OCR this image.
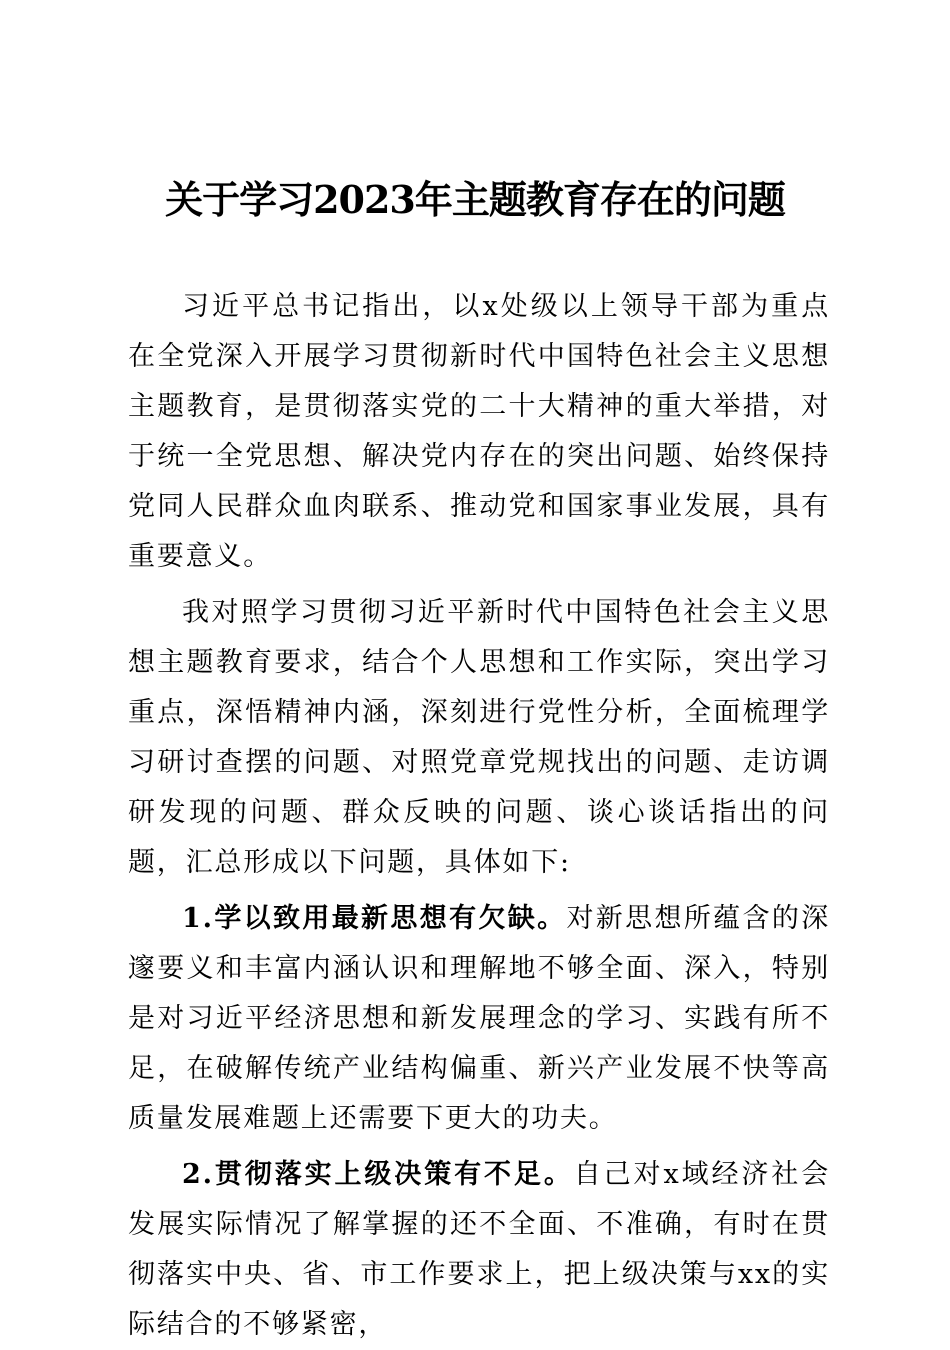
关于学习2023年主题教育存在的问题

习近平总书记指出，以x处级以上领导干部为重点在全党深入开展学习贯彻新时代中国特色社会主义思想主题教育，是贯彻落实党的二十大精神的重大举措，对于统一全党思想、解决党内存在的突出问题、始终保持党同人民群众血肉联系、推动党和国家事业发展，具有重要意义。

我对照学习贯彻习近平新时代中国特色社会主义思想主题教育要求，结合个人思想和工作实际，突出学习重点，深悟精神内涵，深刻进行党性分析，全面梳理学习研讨查摆的问题、对照党章党规找出的问题、走访调研发现的问题、群众反映的问题、谈心谈话指出的问题，汇总形成以下问题，具体如下:

1.学以致用最新思想有欠缺。对新思想所蕴含的深邃要义和丰富内涵认识和理解地不够全面、深入，特别是对习近平经济思想和新发展理念的学习、实践有所不足，在破解传统产业结构偏重、新兴产业发展不快等高质量发展难题上还需要下更大的功夫。

2.贯彻落实上级决策有不足。自己对x域经济社会发展实际情况了解掌握的还不全面、不准确，有时在贯彻落实中央、省、市工作要求上，把上级决策与xx的实际结合的不够紧密，
